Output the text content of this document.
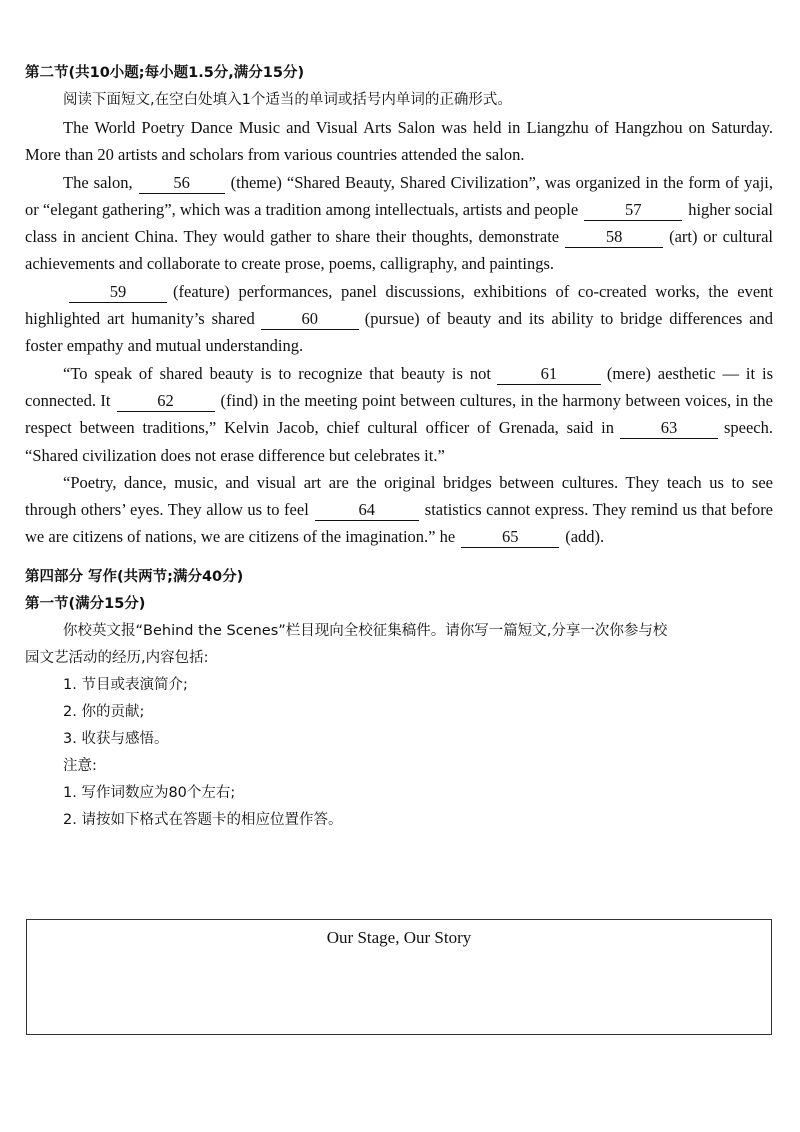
第二节(共10小题;每小题1.5分,满分15分)
阅读下面短文,在空白处填入1个适当的单词或括号内单词的正确形式。

The World Poetry Dance Music and Visual Arts Salon was held in Liangzhu of Hangzhou on Saturday. More than 20 artists and scholars from various countries attended the salon.

The salon, 56 (theme) “Shared Beauty, Shared Civilization”, was organized in the form of yaji, or “elegant gathering”, which was a tradition among intellectuals, artists and people	57	higher social class in ancient China. They would gather to share their thoughts, demonstrate	58	(art) or cultural achievements and collaborate to create prose, poems, calligraphy, and paintings.

59	(feature) performances, panel discussions, exhibitions of co-created works, the event highlighted art humanity’s shared	60	(pursue) of beauty and its ability to bridge differences and foster empathy and mutual understanding.

“To speak of shared beauty is to recognize that beauty is not	61	(mere) aesthetic — it is connected. It	62	(find) in the meeting point between cultures, in the harmony between voices, in the respect between traditions,” Kelvin Jacob, chief cultural officer of Grenada, said in	63	speech. “Shared civilization does not erase difference but celebrates it.”

“Poetry, dance, music, and visual art are the original bridges between cultures. They teach us to see through others’ eyes. They allow us to feel	64	statistics cannot express. They remind us that before we are citizens of nations, we are citizens of the imagination.” he	65	(add).

第四部分 写作(共两节;满分40分)
第一节(满分15分)
你校英文报“Behind the Scenes”栏目现向全校征集稿件。请你写一篇短文,分享一次你参与校
园文艺活动的经历,内容包括:
1. 节目或表演简介;
2. 你的贡献;
3. 收获与感悟。
注意:
1. 写作词数应为80个左右;
2. 请按如下格式在答题卡的相应位置作答。
Our Stage, Our Story
